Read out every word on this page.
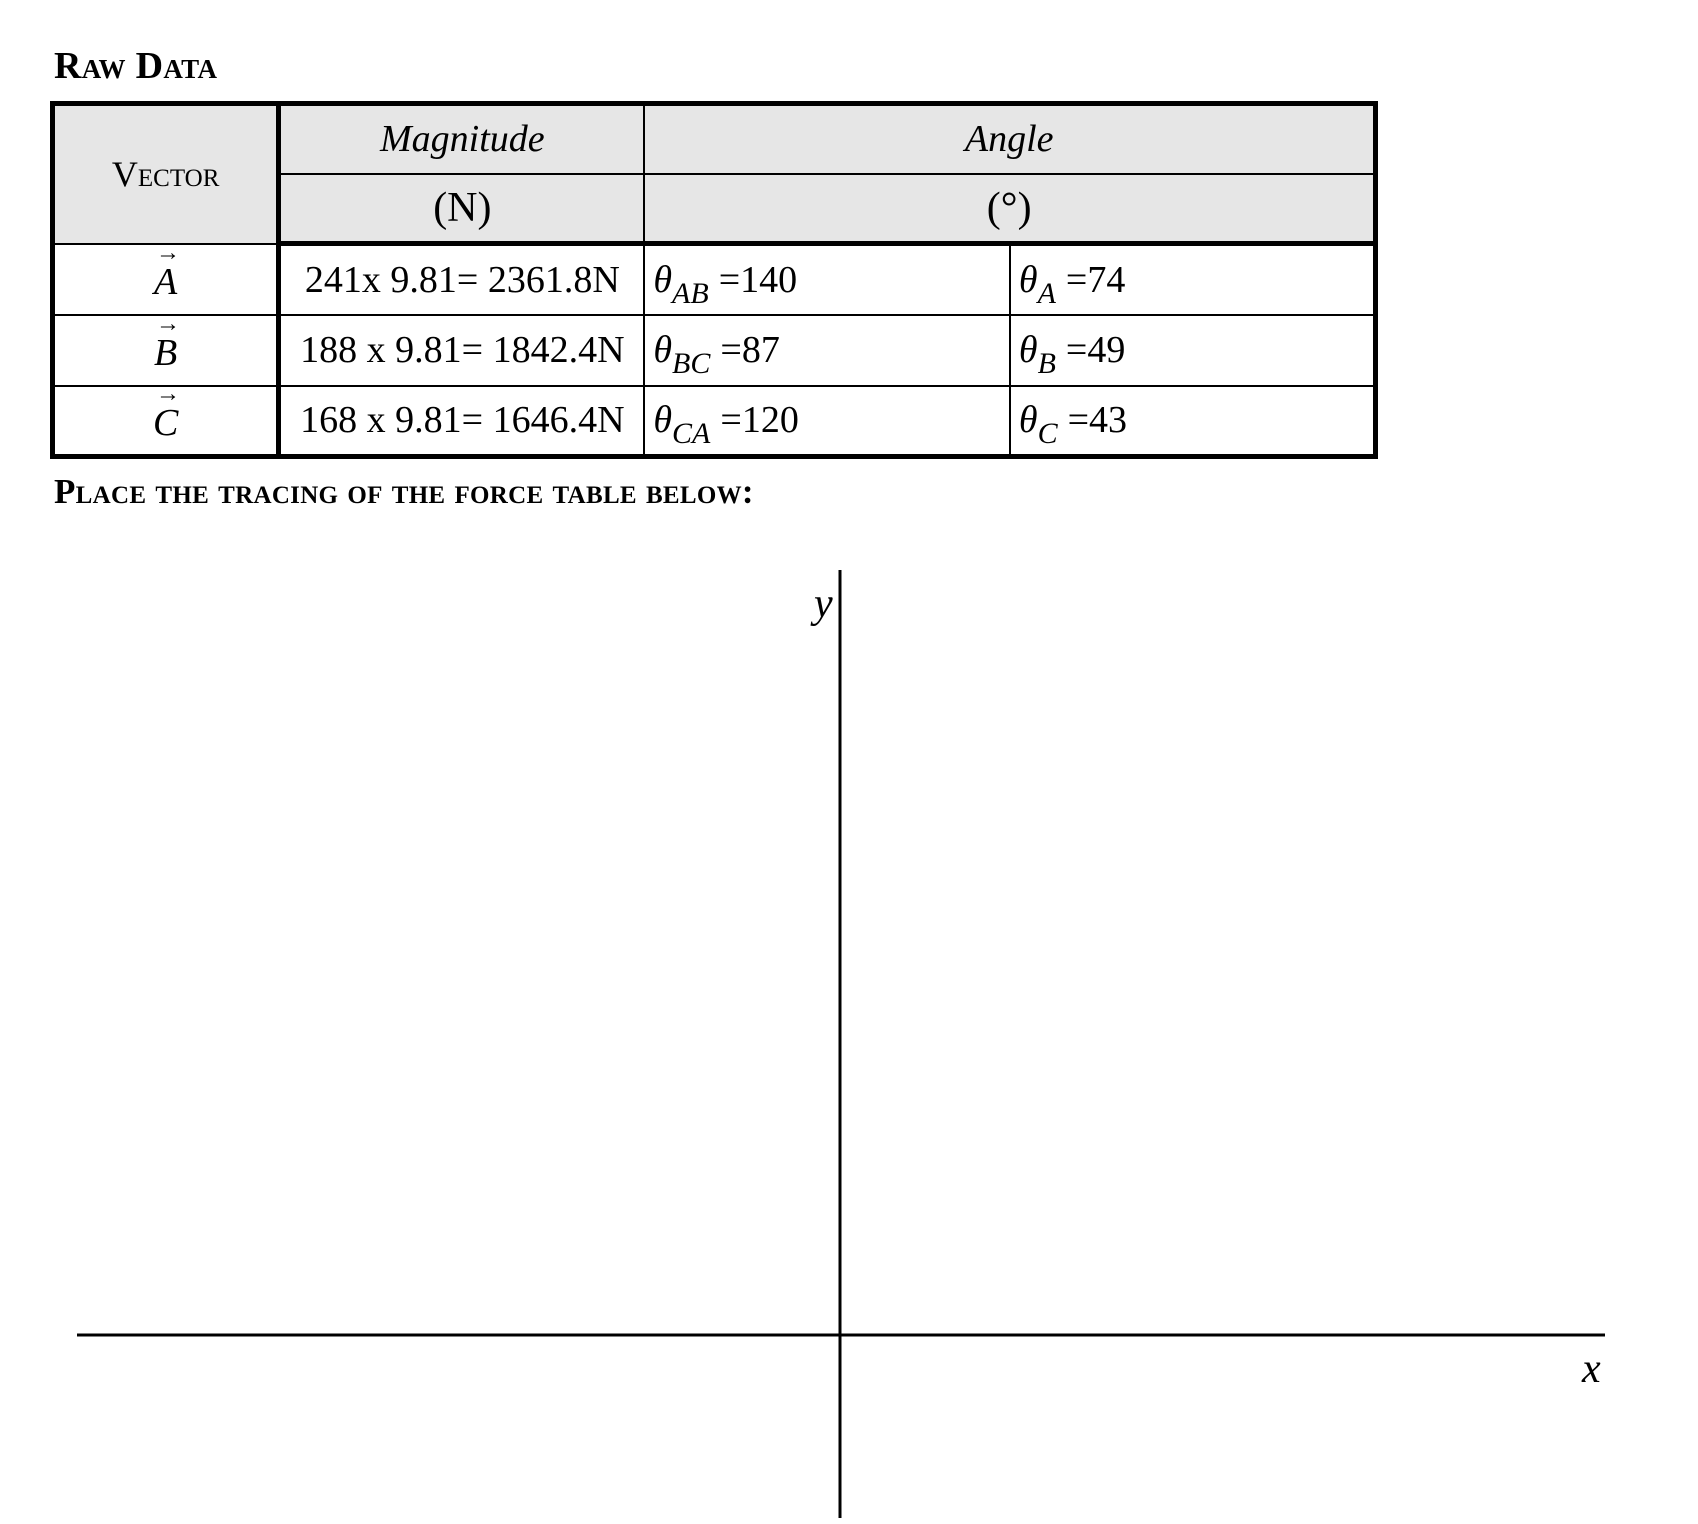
Raw Data
Vector	Magnitude	Angle	
	(N)	(°)	

→
A	241x 9.81= 2361.8N	$\theta_{AB} =140$	$\theta_A =74$

→
B	188 x 9.81= 1842.4N	$\theta_{BC} =87$	$\theta_B =49$

→
C	168 x 9.81= 1646.4N	$\theta_{CA} =120$	$\theta_C =43$
Place the tracing of the force table below:
y
x
